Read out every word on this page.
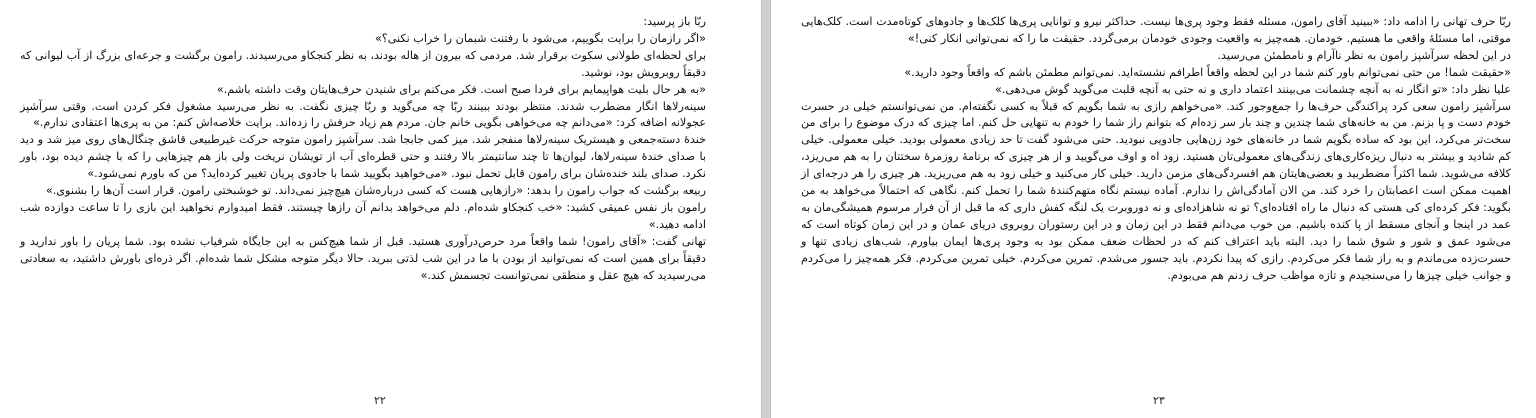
ربّا باز پرسید:

«اگر رازمان را برایت بگوییم، می‌شود با رفتنت شبمان را خراب نکنی؟»

برای لحظه‌ای طولانی سکوت برقرار شد. مردمی که بیرون از هاله بودند، به نظر کنجکاو می‌رسیدند. رامون برگشت و جرعه‌ای بزرگ از آب لیوانی که دقیقاً روبرویش بود، نوشید.

«به هر حال بلیت هواپیمایم برای فردا صبح است. فکر می‌کنم برای شنیدن حرف‌هایتان وقت داشته باشم.»

سینه‌رلاها انگار مضطرب شدند. منتظر بودند ببینند ربّا چه می‌گوید و ربّا چیزی نگفت. به نظر می‌رسید مشغول فکر کردن است. وقتی سرآشپز عجولانه اضافه کرد: «می‌دانم چه می‌خواهی بگویی خانم جان. مردم هم زیاد حرفش را زده‌اند. برایت خلاصه‌اش کنم: من به پری‌ها اعتقادی ندارم.»

خندهٔ دسته‌جمعی و هیستریک سینه‌رلاها منفجر شد. میز کمی جابجا شد. سرآشپز رامون متوجه حرکت غیرطبیعی قاشق چنگال‌های روی میز شد و دید با صدای خندهٔ سینه‌رلاها، لیوان‌ها تا چند سانتیمتر بالا رفتند و حتی قطره‌ای آب از تویشان نریخت ولی باز هم چیزهایی را که با چشم دیده بود، باور نکرد. صدای بلند خنده‌شان برای رامون قابل تحمل نبود. «می‌خواهید بگویید شما با جادوی پریان تغییر کرده‌اید؟ من که باورم نمی‌شود.»

ربیعه برگشت که جواب رامون را بدهد: «رازهایی هست که کسی درباره‌شان هیچ‌چیز نمی‌داند. تو خوشبختی رامون. قرار است آن‌ها را بشنوی.»

رامون باز نفس عمیقی کشید: «خب کنجکاو شده‌ام. دلم می‌خواهد بدانم آن رازها چیستند. فقط امیدوارم نخواهید این بازی را تا ساعت دوازده شب ادامه دهید.»

تهانی گفت: «آقای رامون! شما واقعاً مرد حرص‌درآوری هستید. قبل از شما هیچ‌کس به این جایگاه شرفیاب نشده بود. شما پریان را باور ندارید و دقیقاً برای همین است که نمی‌توانید از بودن با ما در این شب لذتی ببرید. حالا دیگر متوجه مشکل شما شده‌ام. اگر ذره‌ای باورش داشتید، به سعادتی می‌رسیدید که هیچ عقل و منطقی نمی‌توانست تجسمش کند.»

۲۲

ربّا حرف تهانی را ادامه داد: «ببینید آقای رامون، مسئله فقط وجود پری‌ها نیست. حداکثر نیرو و توانایی پری‌ها کلک‌ها و جادوهای کوتاه‌مدت است. کلک‌هایی موقتی، اما مسئلهٔ واقعی ما هستیم. خودمان. همه‌چیز به واقعیت وجودی خودمان برمی‌گردد. حقیقت ما را که نمی‌توانی انکار کنی!»

در این لحظه سرآشپز رامون به نظر ناآرام و نامطمئن می‌رسید.

«حقیقت شما! من حتی نمی‌توانم باور کنم شما در این لحظه واقعاً اطرافم نشسته‌اید. نمی‌توانم مطمئن باشم که واقعاً وجود دارید.»

علیا نظر داد: «تو انگار نه به آنچه چشمانت می‌بینند اعتماد داری و نه حتی به آنچه قلبت می‌گوید گوش می‌دهی.»

سرآشپز رامون سعی کرد پراکندگی حرف‌ها را جمع‌وجور کند. «می‌خواهم رازی به شما بگویم که قبلاً به کسی نگفته‌ام. من نمی‌توانستم خیلی در حسرت خودم دست و پا بزنم. من به خانه‌های شما چندین و چند بار سر زده‌ام که بتوانم راز شما را خودم به تنهایی حل کنم. اما چیزی که درک موضوع را برای من سخت‌تر می‌کرد، این بود که ساده بگویم شما در خانه‌های خود زن‌هایی جادویی نبودید. حتی می‌شود گفت تا حد زیادی معمولی بودید. خیلی معمولی. خیلی کم شادید و بیشتر به دنبال ریزه‌کاری‌های زندگی‌های معمولی‌تان هستید. زود اه و اوف می‌گویید و از هر چیزی که برنامهٔ روزمرهٔ سختتان را به هم می‌ریزد، کلافه می‌شوید. شما اکثراً مضطربید و بعضی‌هایتان هم افسردگی‌های مزمن دارید. خیلی کار می‌کنید و خیلی زود به هم می‌ریزید. هر چیزی را هر درجه‌ای از اهمیت ممکن است اعصابتان را خرد کند. من الان آمادگی‌اش را ندارم. آماده نیستم نگاه متهم‌کنندهٔ شما را تحمل کنم. نگاهی که احتمالاً می‌خواهد به من بگوید: فکر کرده‌ای کی هستی که دنبال ما راه افتاده‌ای؟ تو نه شاهزاده‌ای و نه دوروبرت یک لنگه کفش داری که ما قبل از آن فرار مرسوم همیشگی‌مان به عمد در اینجا و آنجای مسقط از پا کنده باشیم. من خوب می‌دانم فقط در این زمان و در این رستوران روبروی دریای عمان و در این زمان کوتاه است که می‌شود عمق و شور و شوق شما را دید. البته باید اعتراف کنم که در لحظات ضعف ممکن بود به وجود پری‌ها ایمان بیاورم. شب‌های زیادی تنها و حسرت‌زده می‌ماندم و به راز شما فکر می‌کردم. رازی که پیدا نکردم. باید جسور می‌شدم. تمرین می‌کردم. خیلی تمرین می‌کردم. فکر همه‌چیز را می‌کردم و جوانب خیلی چیزها را می‌سنجیدم و تازه مواظب حرف زدنم هم می‌بودم.

۲۳
